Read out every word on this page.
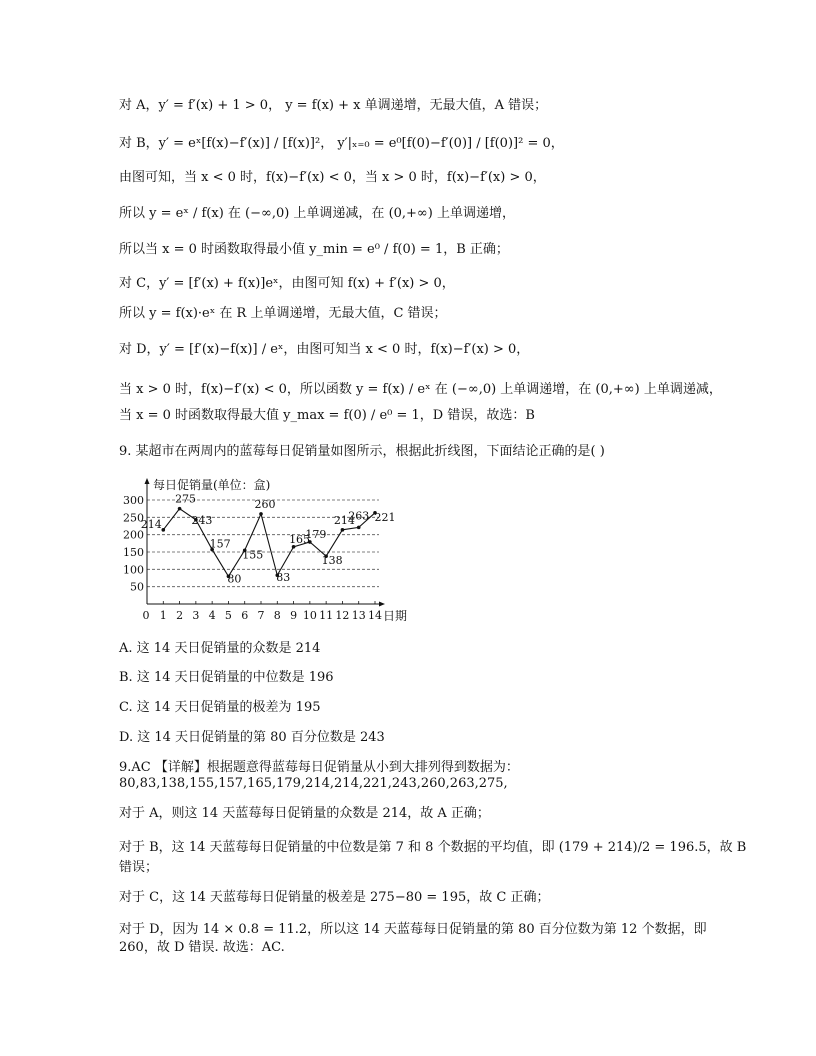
对 A，y′ = f′(x) + 1 > 0， y = f(x) + x 单调递增，无最大值，A 错误；
对 B，y′ = eˣ[f(x)−f′(x)] / [f(x)]²， y′|ₓ₌₀ = e⁰[f(0)−f′(0)] / [f(0)]² = 0，
由图可知，当 x < 0 时，f(x)−f′(x) < 0，当 x > 0 时，f(x)−f′(x) > 0，
所以 y = eˣ / f(x) 在 (−∞,0) 上单调递减，在 (0,+∞) 上单调递增，
所以当 x = 0 时函数取得最小值 y_min = e⁰ / f(0) = 1，B 正确；
对 C，y′ = [f′(x) + f(x)]eˣ，由图可知 f(x) + f′(x) > 0，
所以 y = f(x)·eˣ 在 R 上单调递增，无最大值，C 错误；
对 D，y′ = [f′(x)−f(x)] / eˣ，由图可知当 x < 0 时，f(x)−f′(x) > 0，
当 x > 0 时，f(x)−f′(x) < 0，所以函数 y = f(x) / eˣ 在 (−∞,0) 上单调递增，在 (0,+∞) 上单调递减，
当 x = 0 时函数取得最大值 y_max = f(0) / e⁰ = 1，D 错误，故选：B
9. 某超市在两周内的蓝莓每日促销量如图所示，根据此折线图，下面结论正确的是( )
每日促销量(单位：盒)
日期
50
100
150
200
250
300
0 1 2 3 4 5 6 7 8 9 10 11 12 13 14
214
275
243
157
80
155
260
83
165
179
138
214
263 221
A. 这 14 天日促销量的众数是 214
B. 这 14 天日促销量的中位数是 196
C. 这 14 天日促销量的极差为 195
D. 这 14 天日促销量的第 80 百分位数是 243
9.AC 【详解】根据题意得蓝莓每日促销量从小到大排列得到数据为：
80,83,138,155,157,165,179,214,214,221,243,260,263,275,
对于 A，则这 14 天蓝莓每日促销量的众数是 214，故 A 正确；
对于 B，这 14 天蓝莓每日促销量的中位数是第 7 和 8 个数据的平均值，即 (179 + 214)/2 = 196.5，故 B
错误；
对于 C，这 14 天蓝莓每日促销量的极差是 275−80 = 195，故 C 正确；
对于 D，因为 14 × 0.8 = 11.2，所以这 14 天蓝莓每日促销量的第 80 百分位数为第 12 个数据，即
260，故 D 错误. 故选：AC.
